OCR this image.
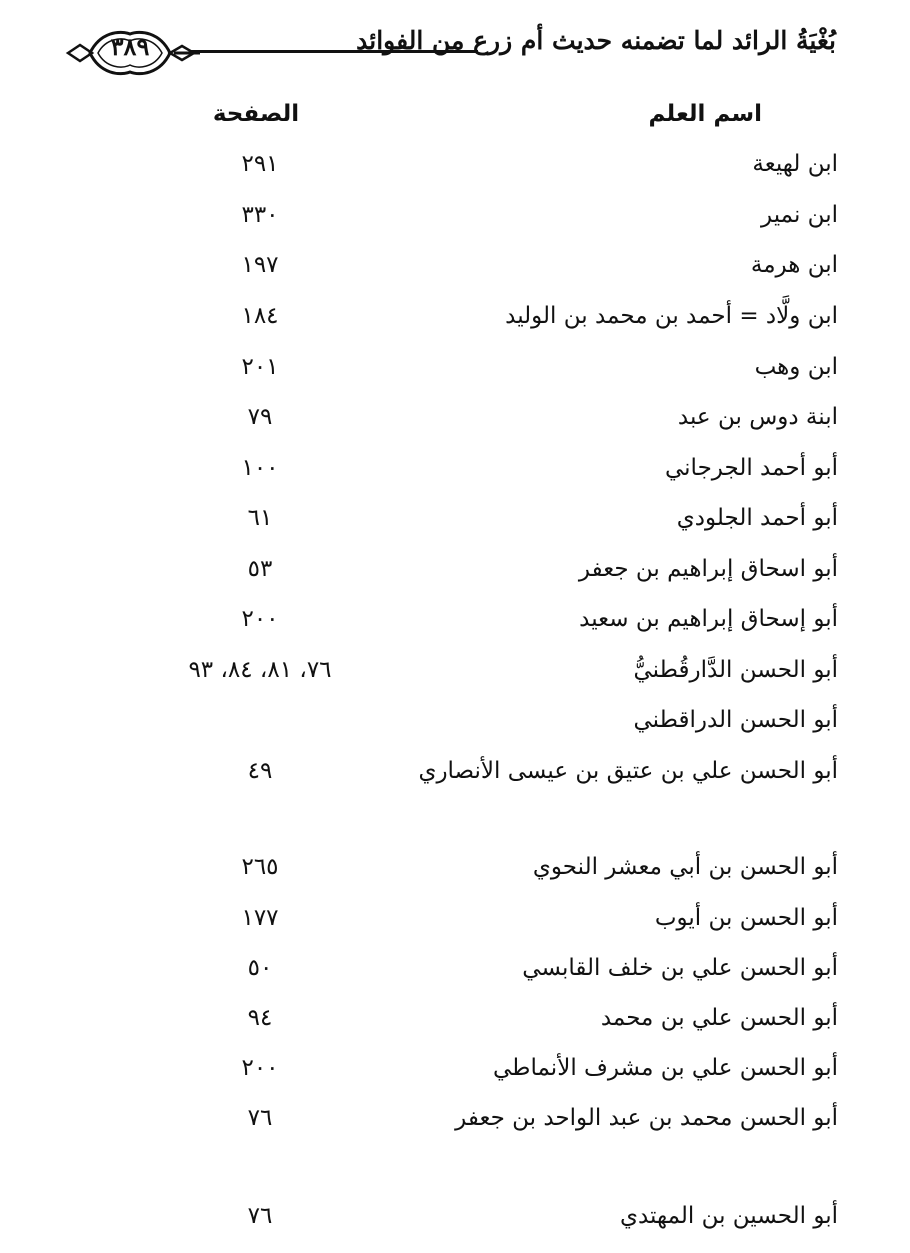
٣٨٩	بُغْيَةُ الرائد لما تضمنه حديث أم زرع من الفوائد
اسم العلم
الصفحة
ابن لهيعة
٢٩١
ابن نمير
٣٣٠
ابن هرمة
١٩٧
ابن ولَّاد = أحمد بن محمد بن الوليد
١٨٤
ابن وهب
٢٠١
ابنة دوس بن عبد
٧٩
أبو أحمد الجرجاني
١٠٠
أبو أحمد الجلودي
٦١
أبو اسحاق إبراهيم بن جعفر
٥٣
أبو إسحاق إبراهيم بن سعيد
٢٠٠
أبو الحسن الدَّارقُطنيُّ
٧٦، ٨١، ٨٤، ٩٣
أبو الحسن الدراقطني
أبو الحسن علي بن عتيق بن عيسى الأنصاري
٤٩
أبو الحسن بن أبي معشر النحوي
٢٦٥
أبو الحسن بن أيوب
١٧٧
أبو الحسن علي بن خلف القابسي
٥٠
أبو الحسن علي بن محمد
٩٤
أبو الحسن علي بن مشرف الأنماطي
٢٠٠
أبو الحسن محمد بن عبد الواحد بن جعفر
٧٦
أبو الحسين بن المهتدي
٧٦
